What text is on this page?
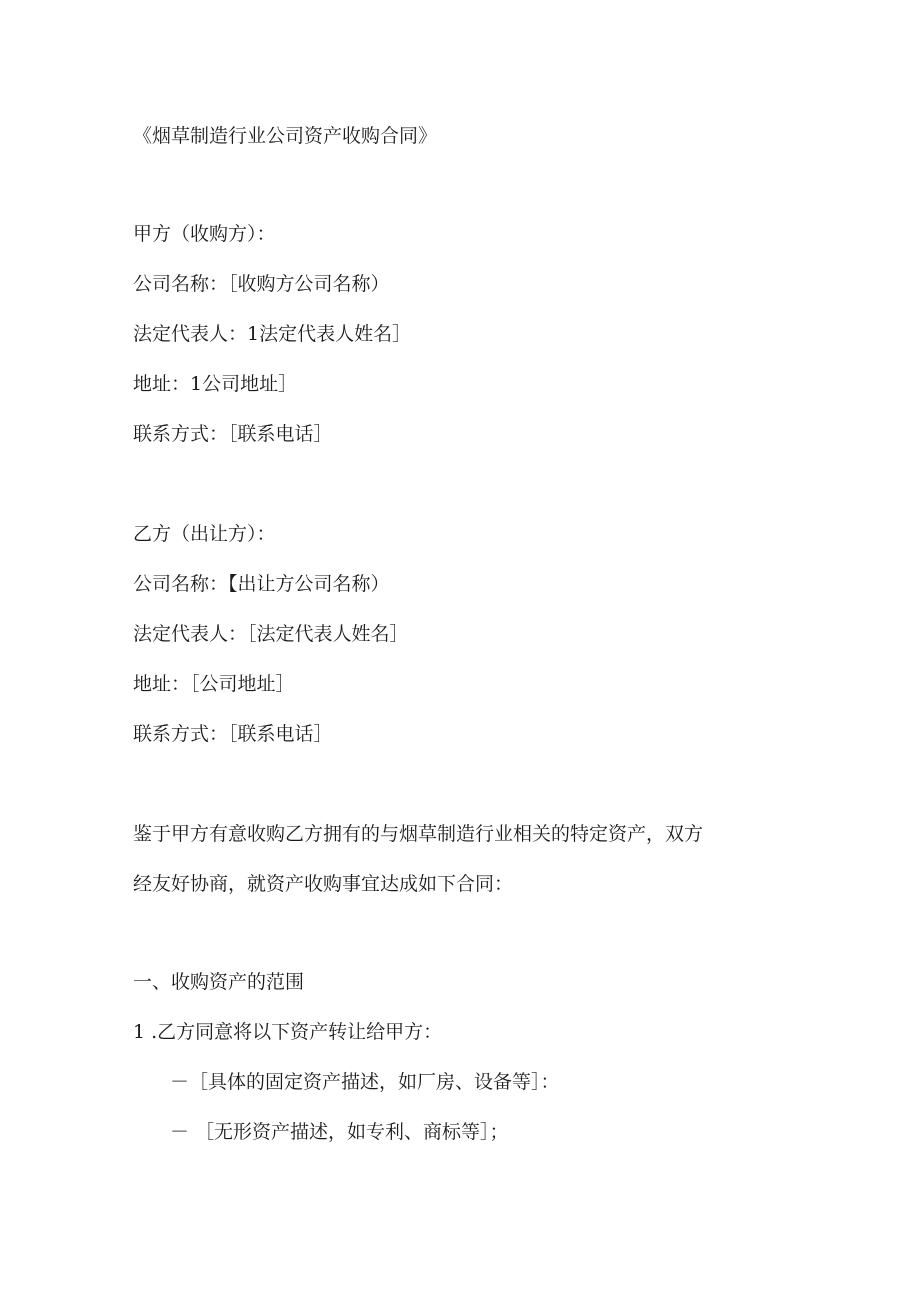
《烟草制造行业公司资产收购合同》

甲方（收购方）：

公司名称：［收购方公司名称）

法定代表人：1法定代表人姓名］

地址：1公司地址］

联系方式：［联系电话］

乙方（出让方）：

公司名称：【出让方公司名称）

法定代表人：［法定代表人姓名］

地址：［公司地址］

联系方式：［联系电话］

鉴于甲方有意收购乙方拥有的与烟草制造行业相关的特定资产，双方

经友好协商，就资产收购事宜达成如下合同：

一、收购资产的范围

1 .乙方同意将以下资产转让给甲方：

－［具体的固定资产描述，如厂房、设备等］：

－ ［无形资产描述，如专利、商标等］；
